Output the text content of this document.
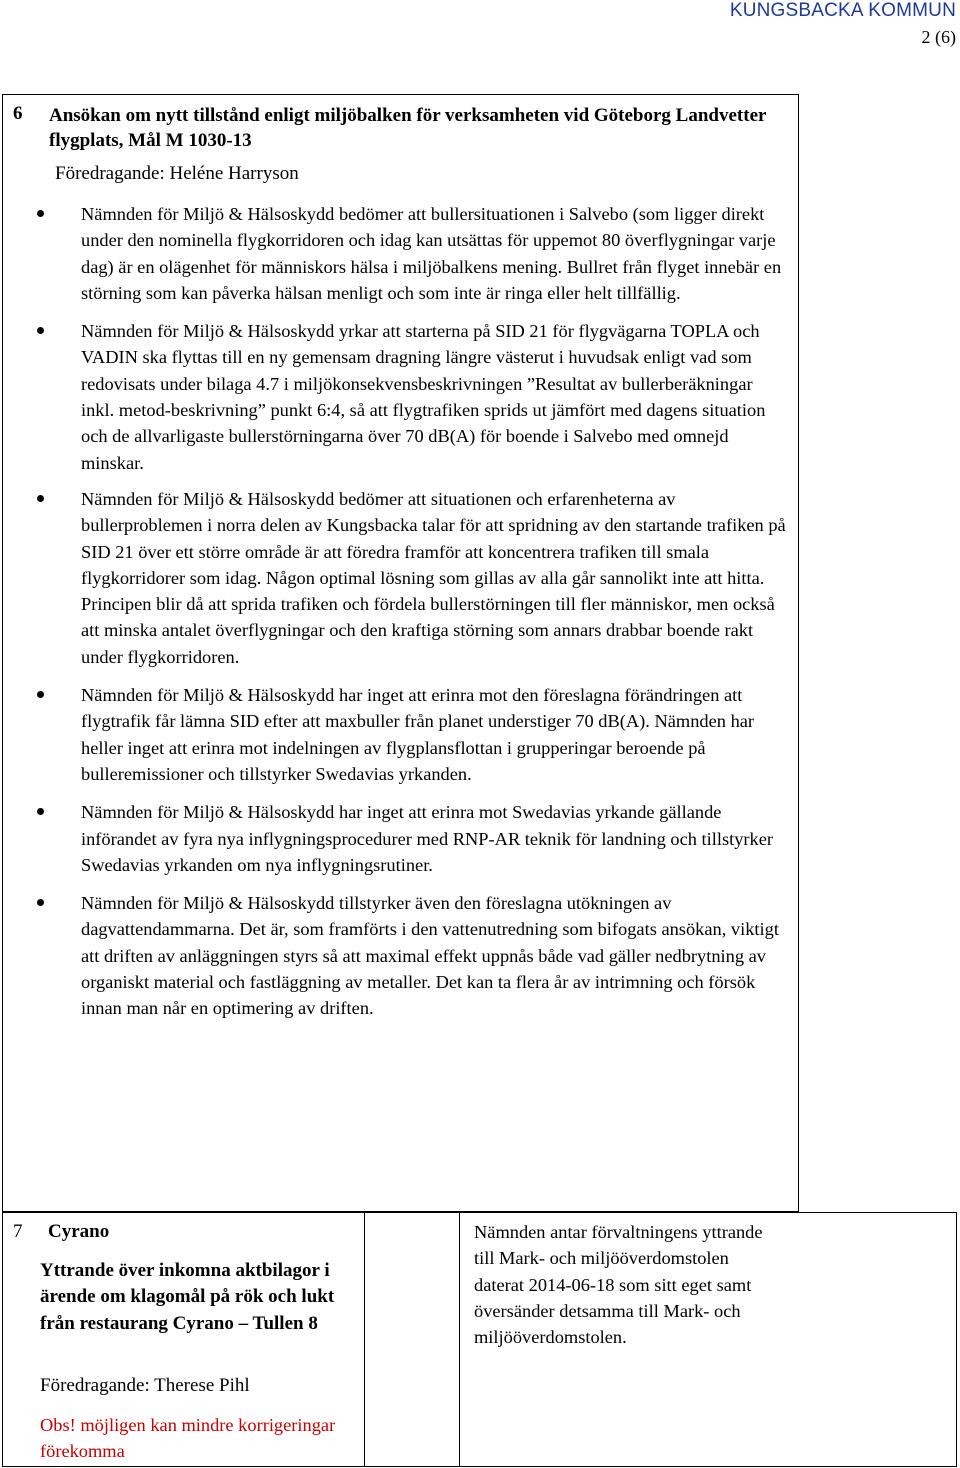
KUNGSBACKA KOMMUN
2 (6)
6 Ansökan om nytt tillstånd enligt miljöbalken för verksamheten vid Göteborg Landvetter flygplats, Mål M 1030-13
Föredragande: Heléne Harryson
Nämnden för Miljö & Hälsoskydd bedömer att bullersituationen i Salvebo (som ligger direkt under den nominella flygkorridoren och idag kan utsättas för uppemot 80 överflygningar varje dag) är en olägenhet för människors hälsa i miljöbalkens mening. Bullret från flyget innebär en störning som kan påverka hälsan menligt och som inte är ringa eller helt tillfällig.
Nämnden för Miljö & Hälsoskydd yrkar att starterna på SID 21 för flygvägarna TOPLA och VADIN ska flyttas till en ny gemensam dragning längre västerut i huvudsak enligt vad som redovisats under bilaga 4.7 i miljökonsekvensbeskrivningen ”Resultat av bullerberäkningar inkl. metod-beskrivning” punkt 6:4, så att flygtrafiken sprids ut jämfört med dagens situation och de allvarligaste bullerstörningarna över 70 dB(A) för boende i Salvebo med omnejd minskar.
Nämnden för Miljö & Hälsoskydd bedömer att situationen och erfarenheterna av bullerproblemen i norra delen av Kungsbacka talar för att spridning av den startande trafiken på SID 21 över ett större område är att föredra framför att koncentrera trafiken till smala flygkorridorer som idag. Någon optimal lösning som gillas av alla går sannolikt inte att hitta. Principen blir då att sprida trafiken och fördela bullerstörningen till fler människor, men också att minska antalet överflygningar och den kraftiga störning som annars drabbar boende rakt under flygkorridoren.
Nämnden för Miljö & Hälsoskydd har inget att erinra mot den föreslagna förändringen att flygtrafik får lämna SID efter att maxbuller från planet understiger 70 dB(A). Nämnden har heller inget att erinra mot indelningen av flygplansflottan i grupperingar beroende på bulleremissioner och tillstyrker Swedavias yrkanden.
Nämnden för Miljö & Hälsoskydd har inget att erinra mot Swedavias yrkande gällande införandet av fyra nya inflygningsprocedurer med RNP-AR teknik för landning och tillstyrker Swedavias yrkanden om nya inflygningsrutiner.
Nämnden för Miljö & Hälsoskydd tillstyrker även den föreslagna utökningen av dagvattendammarna. Det är, som framförts i den vattenutredning som bifogats ansökan, viktigt att driften av anläggningen styrs så att maximal effekt uppnås både vad gäller nedbrytning av organiskt material och fastläggning av metaller. Det kan ta flera år av intrimning och försök innan man når en optimering av driften.
7 Cyrano
Yttrande över inkomna aktbilagor i ärende om klagomål på rök och lukt från restaurang Cyrano – Tullen 8
Föredragande: Therese Pihl
Obs! möjligen kan mindre korrigeringar förekomma
Nämnden antar förvaltningens yttrande till Mark- och miljööverdomstolen daterat 2014-06-18 som sitt eget samt översänder detsamma till Mark- och miljööverdomstolen.
